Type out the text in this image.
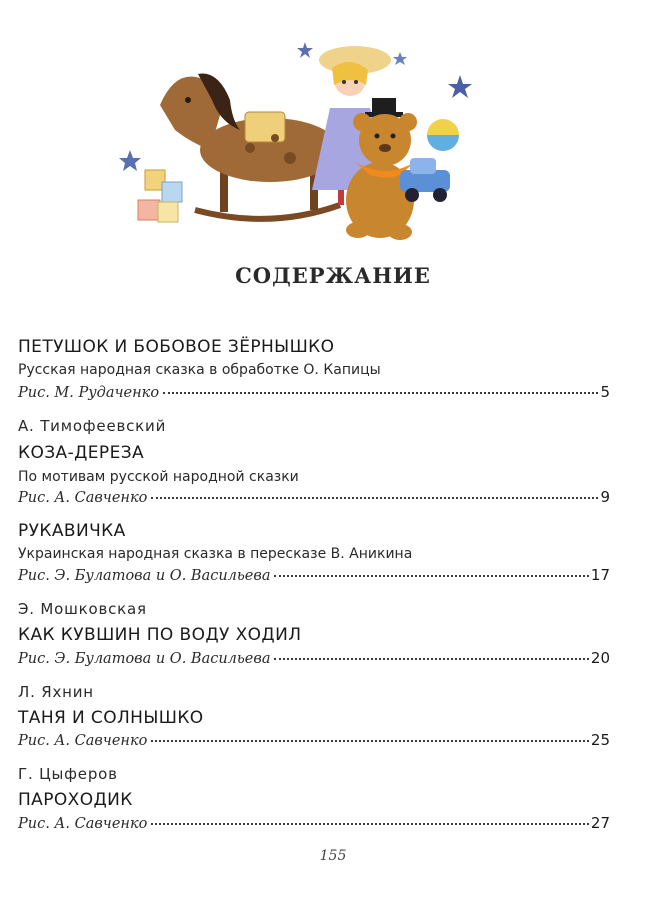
СОДЕРЖАНИЕ
ПЕТУШОК И БОБОВОЕ ЗЁРНЫШКО
Русская народная сказка в обработке О. Капицы
Рис. М. Рудаченко	5
А. Тимофеевский
КОЗА-ДЕРЕЗА
По мотивам русской народной сказки
Рис. А. Савченко	9
РУКАВИЧКА
Украинская народная сказка в пересказе В. Аникина
Рис. Э. Булатова и О. Васильева	17
Э. Мошковская
КАК КУВШИН ПО ВОДУ ХОДИЛ
Рис. Э. Булатова и О. Васильева	20
Л. Яхнин
ТАНЯ И СОЛНЫШКО
Рис. А. Савченко	25
Г. Цыферов
ПАРОХОДИК
Рис. А. Савченко	27
155
